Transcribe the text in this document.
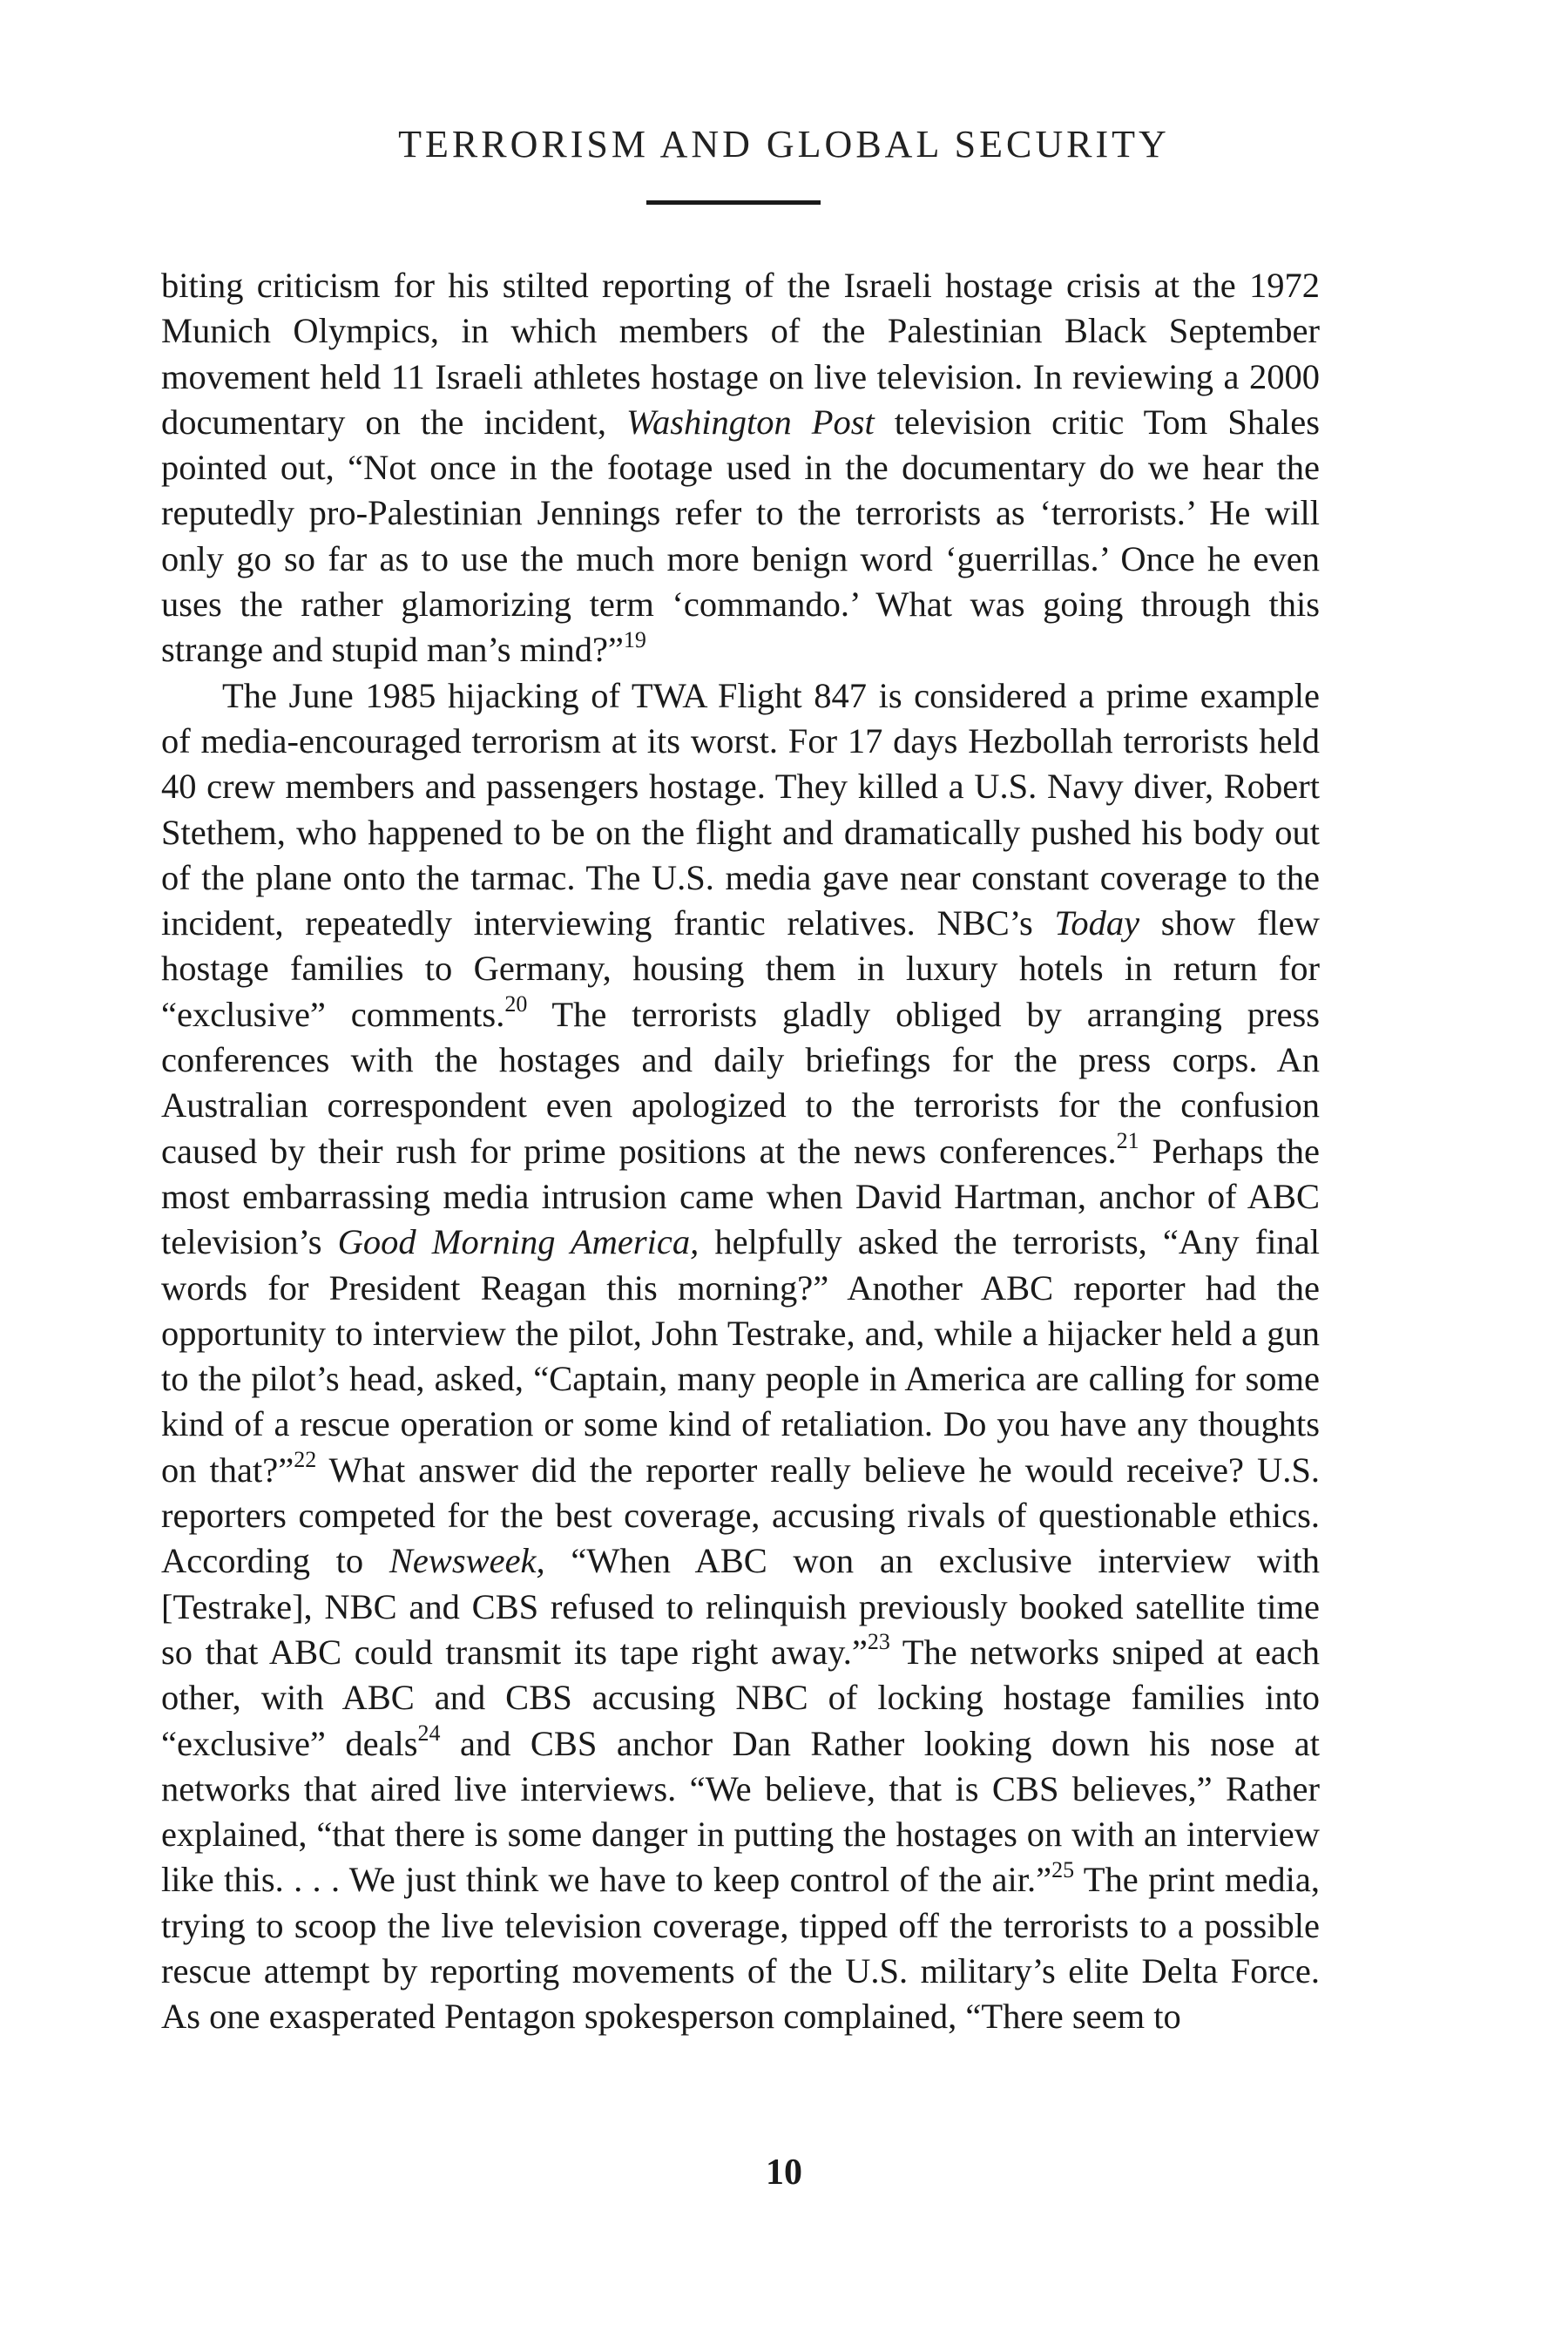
TERRORISM AND GLOBAL SECURITY

biting criticism for his stilted reporting of the Israeli hostage crisis at the 1972 Munich Olympics, in which members of the Palestinian Black September movement held 11 Israeli athletes hostage on live television. In reviewing a 2000 documentary on the incident, Washington Post television critic Tom Shales pointed out, “Not once in the footage used in the documentary do we hear the reputedly pro-Palestinian Jennings refer to the terrorists as ‘terrorists.’ He will only go so far as to use the much more benign word ‘guerrillas.’ Once he even uses the rather glamorizing term ‘commando.’ What was going through this strange and stupid man’s mind?”$^{19}$

The June 1985 hijacking of TWA Flight 847 is considered a prime example of media-encouraged terrorism at its worst. For 17 days Hezbollah terrorists held 40 crew members and passengers hostage. They killed a U.S. Navy diver, Robert Stethem, who happened to be on the flight and dramatically pushed his body out of the plane onto the tarmac. The U.S. media gave near constant coverage to the incident, repeatedly interviewing frantic relatives. NBC’s Today show flew hostage families to Germany, housing them in luxury hotels in return for “exclusive” comments.$^{20}$ The terrorists gladly obliged by arranging press conferences with the hostages and daily briefings for the press corps. An Australian correspondent even apologized to the terrorists for the confusion caused by their rush for prime positions at the news conferences.$^{21}$ Perhaps the most embarrassing media intrusion came when David Hartman, anchor of ABC television’s Good Morning America, helpfully asked the terrorists, “Any final words for President Reagan this morning?” Another ABC reporter had the opportunity to interview the pilot, John Testrake, and, while a hijacker held a gun to the pilot’s head, asked, “Captain, many people in America are calling for some kind of a rescue operation or some kind of retaliation. Do you have any thoughts on that?”$^{22}$ What answer did the reporter really believe he would receive? U.S. reporters competed for the best coverage, accusing rivals of questionable ethics. According to Newsweek, “When ABC won an exclusive interview with [Testrake], NBC and CBS refused to relinquish previously booked satellite time so that ABC could transmit its tape right away.”$^{23}$ The networks sniped at each other, with ABC and CBS accusing NBC of locking hostage families into “exclusive” deals$^{24}$ and CBS anchor Dan Rather looking down his nose at networks that aired live interviews. “We believe, that is CBS believes,” Rather explained, “that there is some danger in putting the hostages on with an interview like this. . . . We just think we have to keep control of the air.”$^{25}$ The print media, trying to scoop the live television coverage, tipped off the terrorists to a possible rescue attempt by reporting movements of the U.S. military’s elite Delta Force. As one exasperated Pentagon spokesperson complained, “There seem to

10
